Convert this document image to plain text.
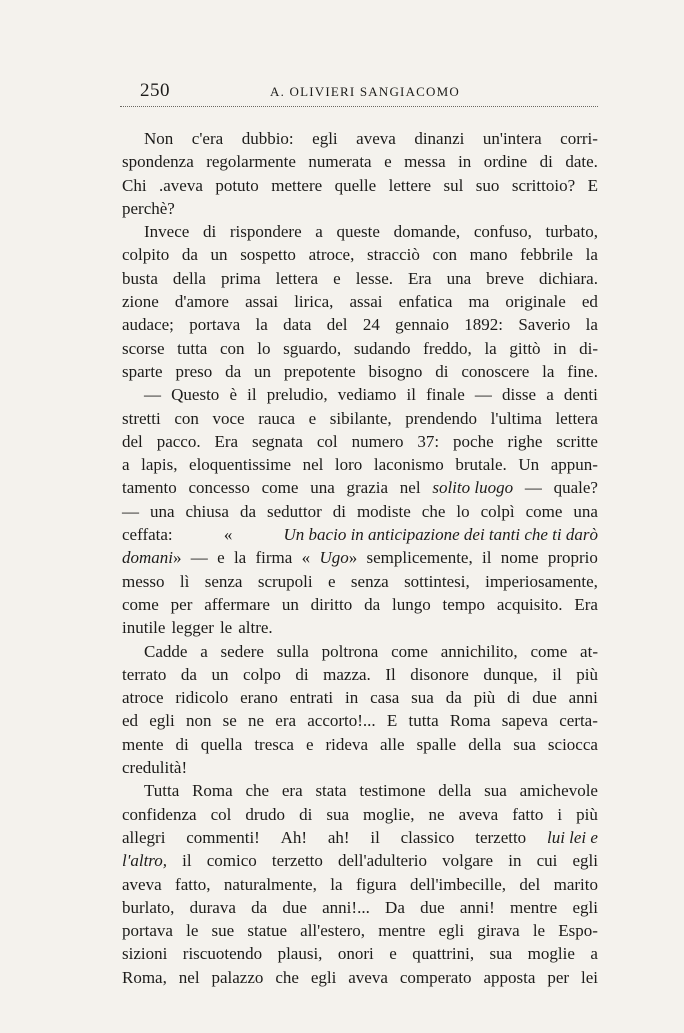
250	A. OLIVIERI SANGIACOMO
Non c'era dubbio: egli aveva dinanzi un'intera corri-
spondenza regolarmente numerata e messa in ordine di date.
Chi .aveva potuto mettere quelle lettere sul suo scrittoio? E
perchè?
Invece di rispondere a queste domande, confuso, turbato,
colpito da un sospetto atroce, stracciò con mano febbrile la
busta della prima lettera e lesse. Era una breve dichiara.
zione d'amore assai lirica, assai enfatica ma originale ed
audace; portava la data del 24 gennaio 1892: Saverio la
scorse tutta con lo sguardo, sudando freddo, la gittò in di-
sparte preso da un prepotente bisogno di conoscere la fine.
— Questo è il preludio, vediamo il finale — disse a denti
stretti con voce rauca e sibilante, prendendo l'ultima lettera
del pacco. Era segnata col numero 37: poche righe scritte
a lapis, eloquentissime nel loro laconismo brutale. Un appun-
tamento concesso come una grazia nel solito luogo — quale?
— una chiusa da seduttor di modiste che lo colpì come una
ceffata:	«	Un bacio in anticipazione dei tanti che ti darò
domani» — e la firma « Ugo» semplicemente, il nome proprio
messo lì senza scrupoli e senza sottintesi, imperiosamente,
come per affermare un diritto da lungo tempo acquisito. Era
inutile legger le altre.
Cadde a sedere sulla poltrona come annichilito, come at-
terrato da un colpo di mazza. Il disonore dunque, il più
atroce ridicolo erano entrati in casa sua da più di due anni
ed egli non se ne era accorto!... E tutta Roma sapeva certa-
mente di quella tresca e rideva alle spalle della sua sciocca
credulità!
Tutta Roma che era stata testimone della sua amichevole
confidenza col drudo di sua moglie, ne aveva fatto i più
allegri commenti! Ah! ah! il classico terzetto lui lei e
l'altro, il comico terzetto dell'adulterio volgare in cui egli
aveva fatto, naturalmente, la figura dell'imbecille, del marito
burlato, durava da due anni!... Da due anni! mentre egli
portava le sue statue all'estero, mentre egli girava le Espo-
sizioni riscuotendo plausi, onori e quattrini, sua moglie a
Roma, nel palazzo che egli aveva comperato apposta per lei
